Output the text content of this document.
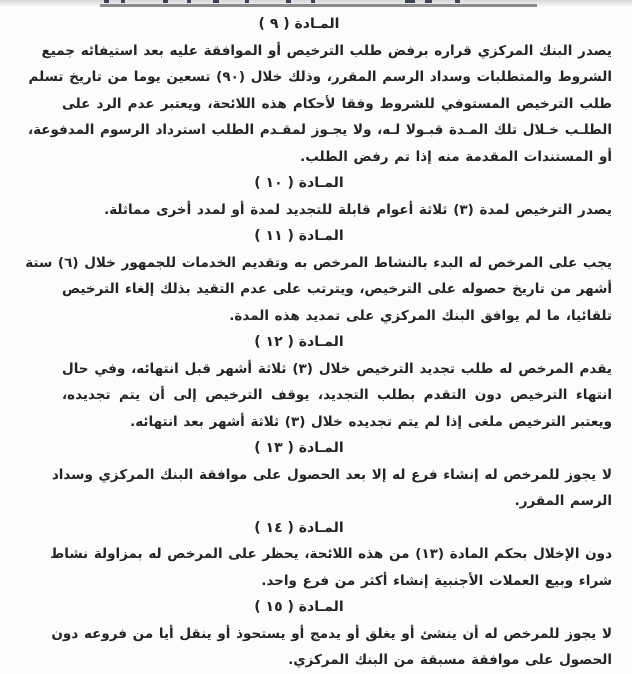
المـادة ( ٩ )
يصدر البنك المركزي قراره برفض طلب الترخيص أو الموافقة عليه بعد استيفائه جميع
الشروط والمتطلبات وسداد الرسم المقرر، وذلك خلال (٩٠) تسعين يوما من تاريخ تسلم
طلب الترخيص المستوفي للشروط وفقا لأحكام هذه اللائحة، ويعتبر عدم الرد على
الطلـب خـلال تلك المـدة قبـولا لـه، ولا يجـوز لمقـدم الطلب استرداد الرسوم المدفوعة،
أو المستندات المقدمة منه إذا تم رفض الطلب.
المـادة ( ١٠ )
يصدر الترخيص لمدة (٣) ثلاثة أعوام قابلة للتجديد لمدة أو لمدد أخرى مماثلة.
المـادة ( ١١ )
يجب على المرخص له البدء بالنشاط المرخص به وتقديم الخدمات للجمهور خلال (٦) ستة
أشهر من تاريخ حصوله على الترخيص، ويترتب على عدم التقيد بذلك إلغاء الترخيص
تلقائيا، ما لم يوافق البنك المركزي على تمديد هذه المدة.
المـادة ( ١٢ )
يقدم المرخص له طلب تجديد الترخيص خلال (٣) ثلاثة أشهر قبل انتهائه، وفي حال
انتهاء الترخيص دون التقدم بطلب التجديد، يوقف الترخيص إلى أن يتم تجديده،
ويعتبر الترخيص ملغى إذا لم يتم تجديده خلال (٣) ثلاثة أشهر بعد انتهائه.
المـادة ( ١٣ )
لا يجوز للمرخص له إنشاء فرع له إلا بعد الحصول على موافقة البنك المركزي وسداد
الرسم المقرر.
المـادة ( ١٤ )
دون الإخلال بحكم المادة (١٣) من هذه اللائحة، يحظر على المرخص له بمزاولة نشاط
شراء وبيع العملات الأجنبية إنشاء أكثر من فرع واحد.
المـادة ( ١٥ )
لا يجوز للمرخص له أن ينشئ أو يغلق أو يدمج أو يستحوذ أو ينقل أيا من فروعه دون
الحصول على موافقة مسبقة من البنك المركزي.
